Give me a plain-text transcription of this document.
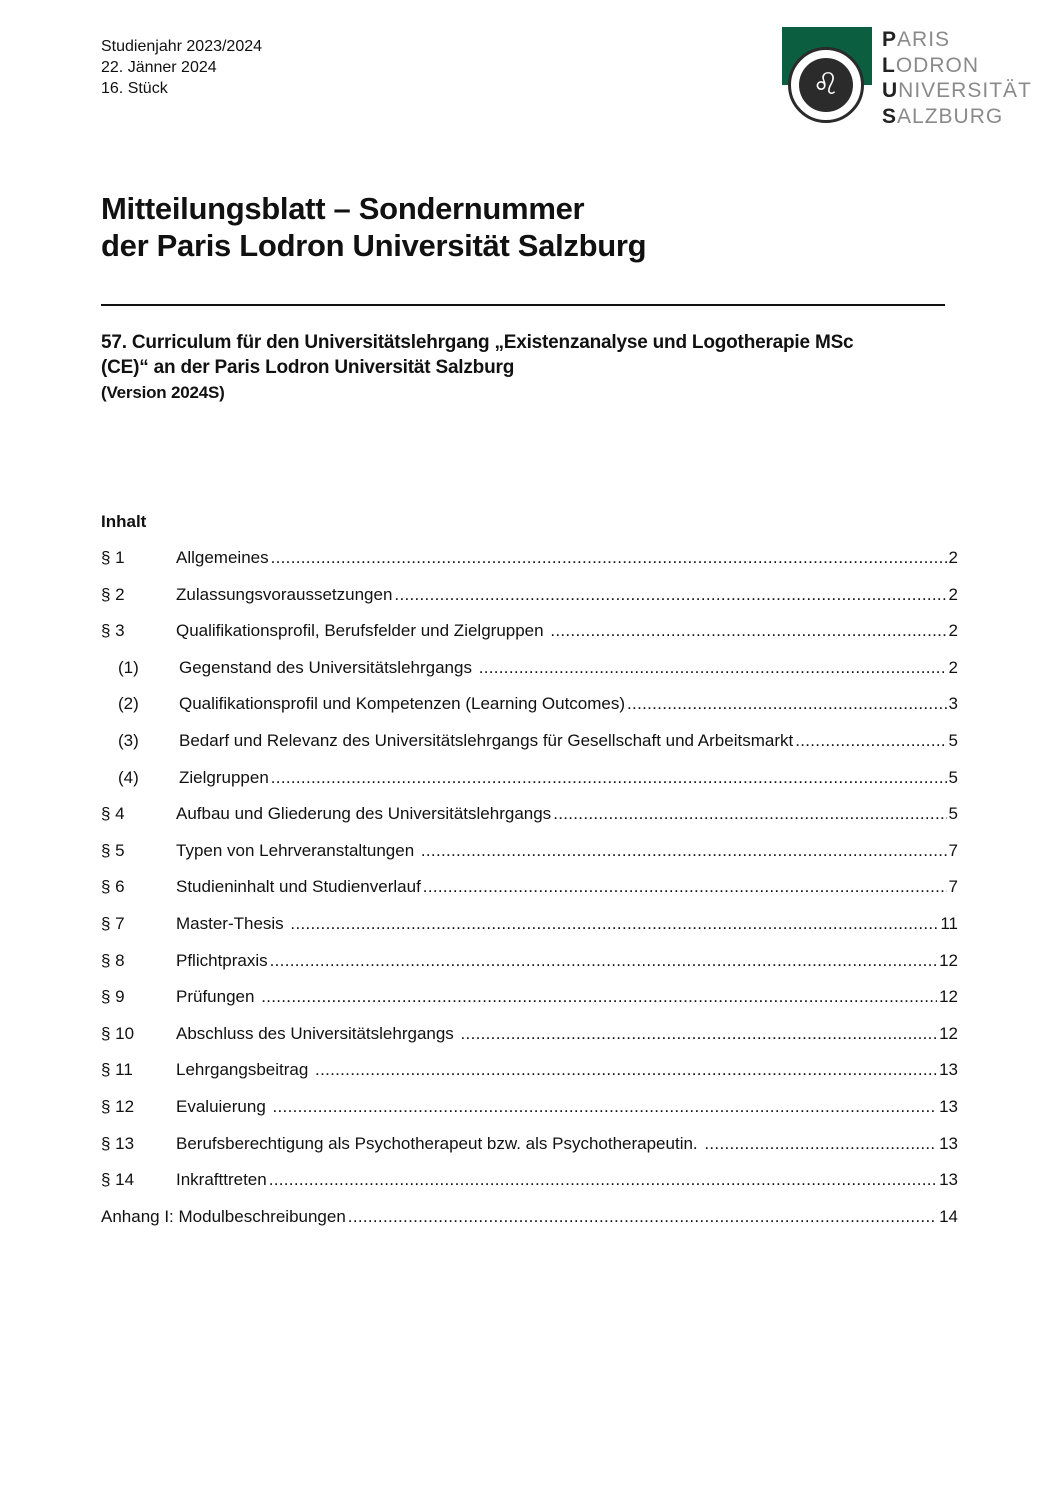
Studienjahr 2023/2024
22. Jänner 2024
16. Stück	♌
PARIS
LODRON
UNIVERSITÄT
SALZBURG
Mitteilungsblatt – Sondernummer
der Paris Lodron Universität Salzburg
57. Curriculum für den Universitätslehrgang „Existenzanalyse und Logotherapie MSc
(CE)“ an der Paris Lodron Universität Salzburg
(Version 2024S)
Inhalt
§ 1	Allgemeines .....	2
§ 2	Zulassungsvoraussetzungen .....	2
§ 3	Qualifikationsprofil, Berufsfelder und Zielgruppen .....	2
(1)	Gegenstand des Universitätslehrgangs .....	2
(2)	Qualifikationsprofil und Kompetenzen (Learning Outcomes) .....	3
(3)	Bedarf und Relevanz des Universitätslehrgangs für Gesellschaft und Arbeitsmarkt .....	5
(4)	Zielgruppen .....	5
§ 4	Aufbau und Gliederung des Universitätslehrgangs .....	5
§ 5	Typen von Lehrveranstaltungen .....	7
§ 6	Studieninhalt und Studienverlauf .....	7
§ 7	Master-Thesis .....	11
§ 8	Pflichtpraxis .....	12
§ 9	Prüfungen .....	12
§ 10	Abschluss des Universitätslehrgangs .....	12
§ 11	Lehrgangsbeitrag .....	13
§ 12	Evaluierung .....	13
§ 13	Berufsberechtigung als Psychotherapeut bzw. als Psychotherapeutin. .....	13
§ 14	Inkrafttreten .....	13
Anhang I: Modulbeschreibungen .....	14
